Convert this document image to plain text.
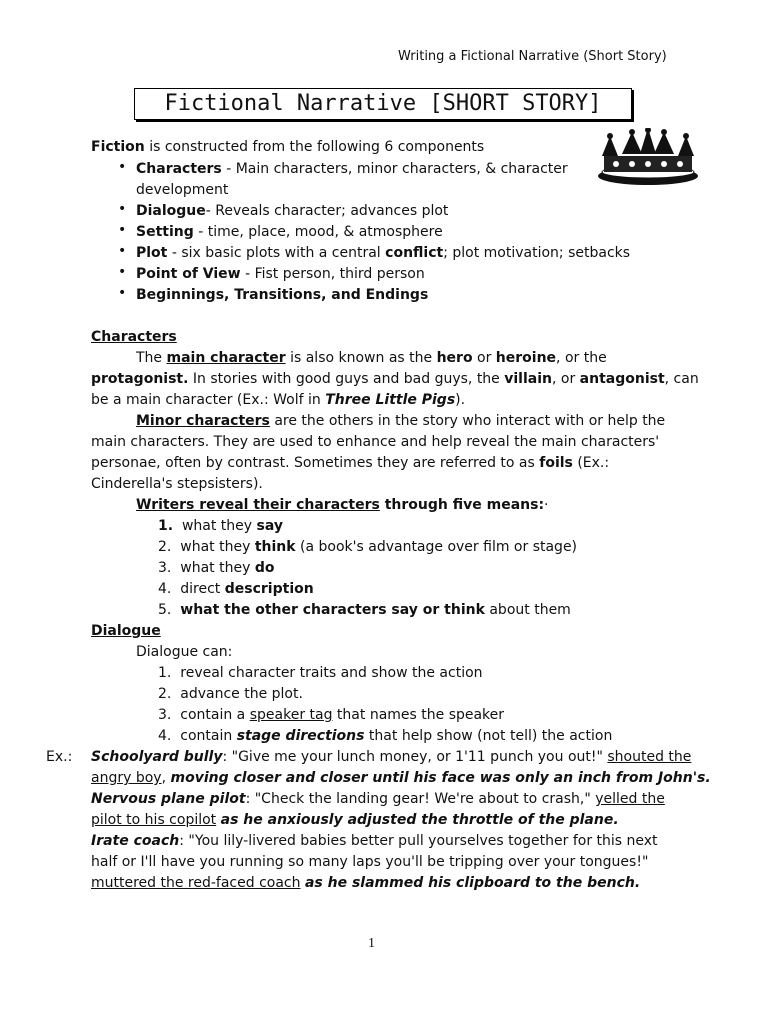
Writing a Fictional Narrative (Short Story)
Fictional Narrative [SHORT STORY]
Fiction is constructed from the following 6 components
• Characters - Main characters, minor characters, & character
development
• Dialogue- Reveals character; advances plot
• Setting - time, place, mood, & atmosphere
• Plot - six basic plots with a central conflict; plot motivation; setbacks
• Point of View - Fist person, third person
• Beginnings, Transitions, and Endings
Characters
The main character is also known as the hero or heroine, or the
protagonist. In stories with good guys and bad guys, the villain, or antagonist, can
be a main character (Ex.: Wolf in Three Little Pigs).
Minor characters are the others in the story who interact with or help the
main characters. They are used to enhance and help reveal the main characters'
personae, often by contrast. Sometimes they are referred to as foils (Ex.:
Cinderella's stepsisters).
Writers reveal their characters through five means:·
1. what they say
2. what they think (a book's advantage over film or stage)
3. what they do
4. direct description
5. what the other characters say or think about them
Dialogue
Dialogue can:
1. reveal character traits and show the action
2. advance the plot.
3. contain a speaker tag that names the speaker
4. contain stage directions that help show (not tell) the action
Ex.: Schoolyard bully: "Give me your lunch money, or 1'11 punch you out!" shouted the
angry boy, moving closer and closer until his face was only an inch from John's.
Nervous plane pilot: "Check the landing gear! We're about to crash," yelled the
pilot to his copilot as he anxiously adjusted the throttle of the plane.
Irate coach: "You lily-livered babies better pull yourselves together for this next
half or I'll have you running so many laps you'll be tripping over your tongues!"
muttered the red-faced coach as he slammed his clipboard to the bench.
1
